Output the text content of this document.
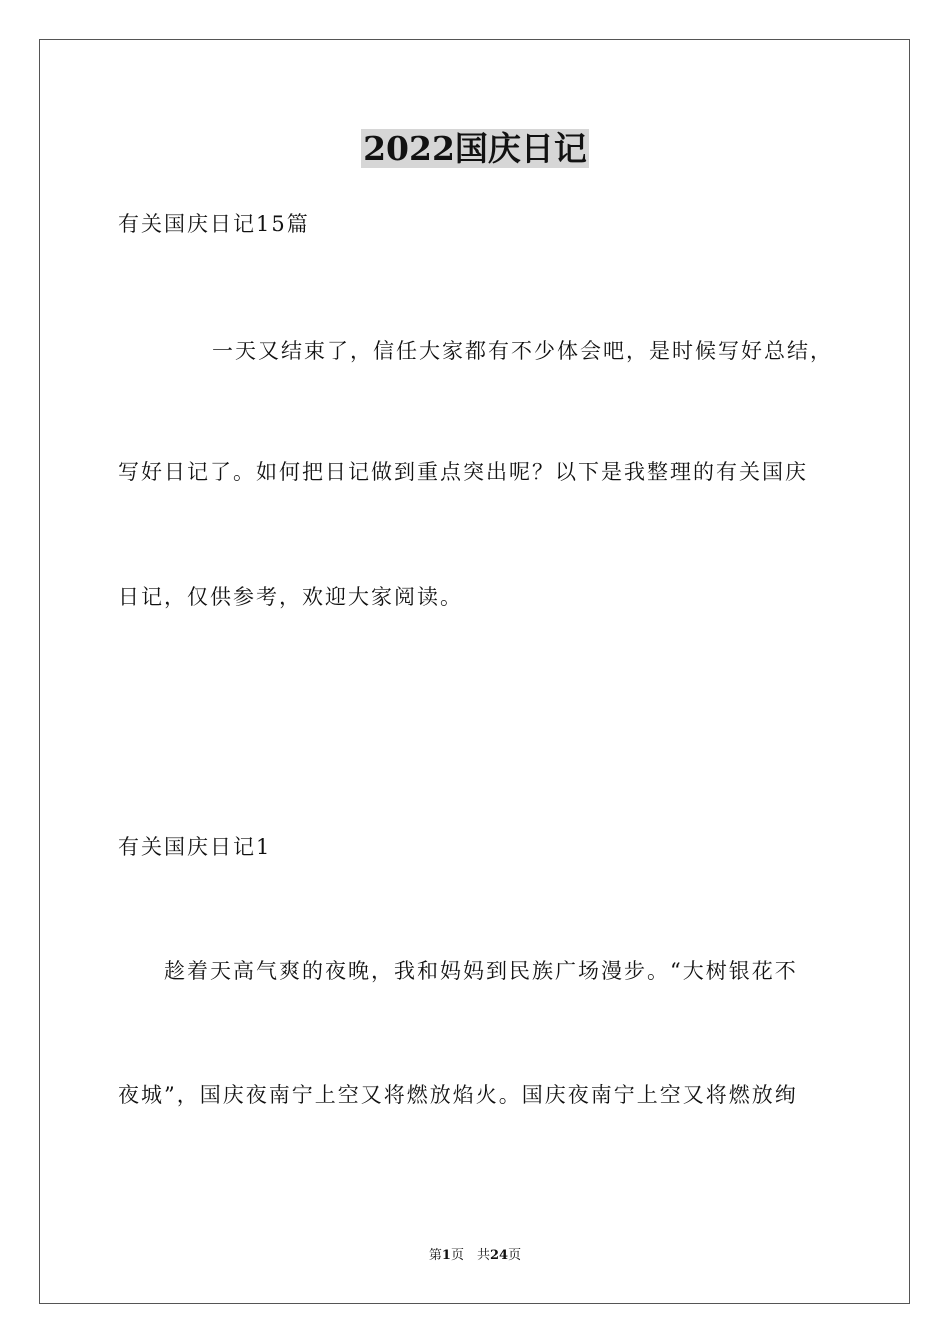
2022国庆日记
有关国庆日记15篇
一天又结束了，信任大家都有不少体会吧，是时候写好总结，
写好日记了。如何把日记做到重点突出呢？以下是我整理的有关国庆
日记，仅供参考，欢迎大家阅读。
有关国庆日记1
趁着天高气爽的夜晚，我和妈妈到民族广场漫步。“大树银花不
夜城”，国庆夜南宁上空又将燃放焰火。国庆夜南宁上空又将燃放绚
第1页　共24页
